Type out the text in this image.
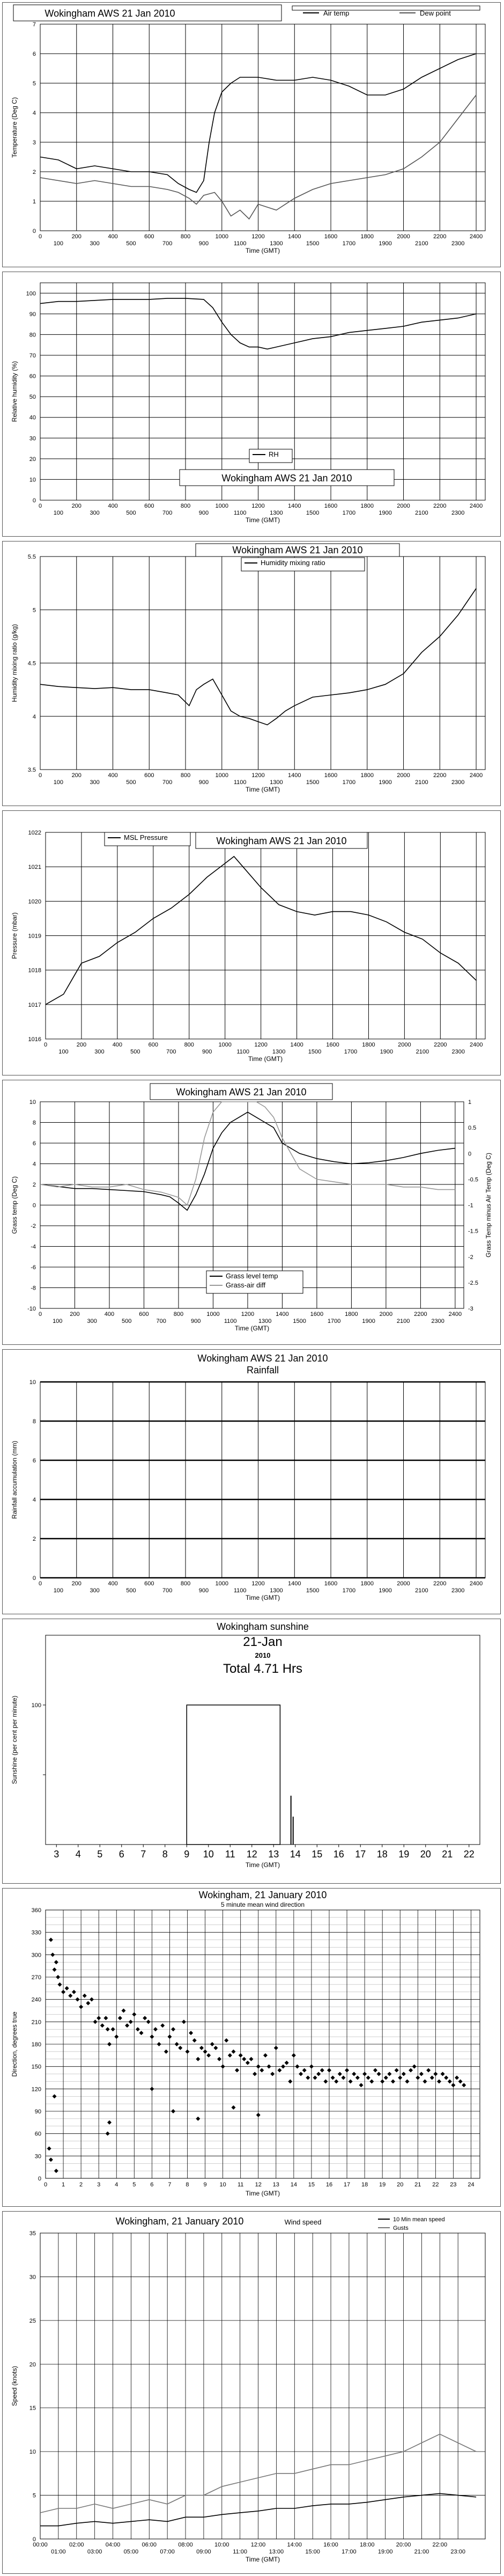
0
1
2
3
4
5
6
7
Temperature (Deg C)
0	200	400	600	800	1000	1200	1400	1600	1800	2000	2200	2400
100	300	500	700	900	1100	1300	1500	1700	1900	2100	2300
Time (GMT)
Wokingham AWS 21 Jan 2010	Air temp	Dew point
0
10
20
30
40
50
60
70
80
90
100
Relative humidity (%)
0	200	400	600	800	1000	1200	1400	1600	1800	2000	2200	2400
100	300	500	700	900	1100	1300	1500	1700	1900	2100	2300
Time (GMT)
RH
Wokingham AWS 21 Jan 2010
3.5
4
4.5
5
5.5
Humidity mixing ratio (g/kg)
0	200	400	600	800	1000	1200	1400	1600	1800	2000	2200	2400
100	300	500	700	900	1100	1300	1500	1700	1900	2100	2300
Time (GMT)
Wokingham AWS 21 Jan 2010
Humidity mixing ratio
1016
1017
1018
1019
1020
1021
1022
Pressure (mbar)
0	200	400	600	800	1000	1200	1400	1600	1800	2000	2200	2400
100	300	500	700	900	1100	1300	1500	1700	1900	2100	2300
Time (GMT)
MSL Pressure	Wokingham AWS 21 Jan 2010
-10
-8
-6
-4
-2
0
2
4
6
8
10
Grass temp (Deg C)
-3
-2.5
-2
-1.5
-1
-0.5
0
0.5
1
Grass Temp minus Air Temp (Deg C)
0	200	400	600	800	1000	1200	1400	1600	1800	2000	2200	2400
100	300	500	700	900	1100	1300	1500	1700	1900	2100	2300
Time (GMT)
Wokingham AWS 21 Jan 2010
Grass level temp
Grass-air diff
0
2
4
6
8
10
Rainfall accumulation (mm)
0	200	400	600	800	1000	1200	1400	1600	1800	2000	2200	2400
100	300	500	700	900	1100	1300	1500	1700	1900	2100	2300
Time (GMT)
Wokingham AWS 21 Jan 2010
Rainfall
100
Sunshine (per cent per minute)
3 4 5 6 7 8 9 10 11 12 13 14 15 16 17 18 19 20 21 22
Time (GMT)
Wokingham sunshine
21-Jan
2010
Total 4.71 Hrs
0
30
60
90
120
150
180
210
240
270
300
330
360
Direction, degrees true
0 1 2 3 4 5 6 7 8 9 10 11 12 13 14 15 16 17 18 19 20 21 22 23 24
Time (GMT)
Wokingham, 21 January 2010
5 minute mean wind direction
0
5
10
15
20
25
30
35
Speed (knots)
00:00	02:00	04:00	06:00	08:00	10:00	12:00	14:00	16:00	18:00	20:00	22:00
01:00	03:00	05:00	07:00	09:00	11:00	13:00	15:00	17:00	19:00	21:00	23:00
Time (GMT)
Wokingham, 21 January 2010	Wind speed	10 Min mean speed
Gusts
